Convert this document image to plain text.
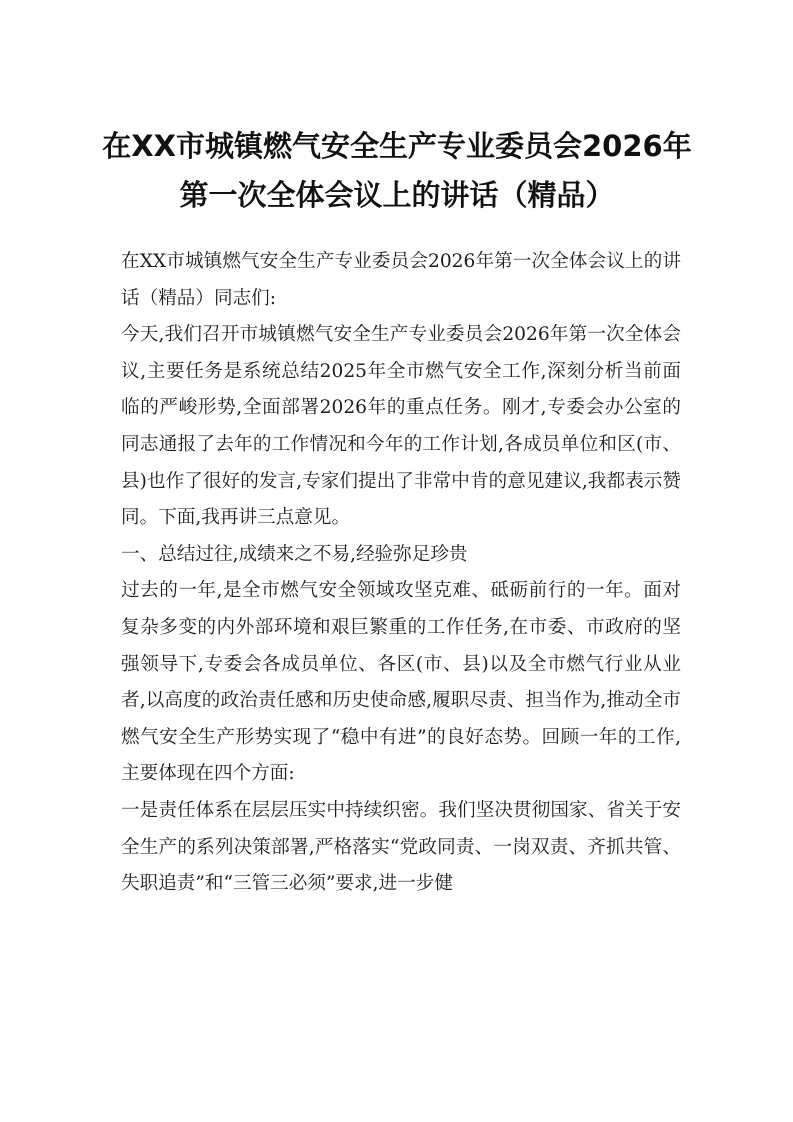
在XX市城镇燃气安全生产专业委员会2026年第一次全体会议上的讲话（精品）

在XX市城镇燃气安全生产专业委员会2026年第一次全体会议上的讲话（精品）同志们:

今天,我们召开市城镇燃气安全生产专业委员会2026年第一次全体会议,主要任务是系统总结2025年全市燃气安全工作,深刻分析当前面临的严峻形势,全面部署2026年的重点任务。刚才,专委会办公室的同志通报了去年的工作情况和今年的工作计划,各成员单位和区(市、县)也作了很好的发言,专家们提出了非常中肯的意见建议,我都表示赞同。下面,我再讲三点意见。

一、总结过往,成绩来之不易,经验弥足珍贵

过去的一年,是全市燃气安全领域攻坚克难、砥砺前行的一年。面对复杂多变的内外部环境和艰巨繁重的工作任务,在市委、市政府的坚强领导下,专委会各成员单位、各区(市、县)以及全市燃气行业从业者,以高度的政治责任感和历史使命感,履职尽责、担当作为,推动全市燃气安全生产形势实现了“稳中有进”的良好态势。回顾一年的工作,主要体现在四个方面:

一是责任体系在层层压实中持续织密。我们坚决贯彻国家、省关于安全生产的系列决策部署,严格落实“党政同责、一岗双责、齐抓共管、失职追责”和“三管三必须”要求,进一步健
